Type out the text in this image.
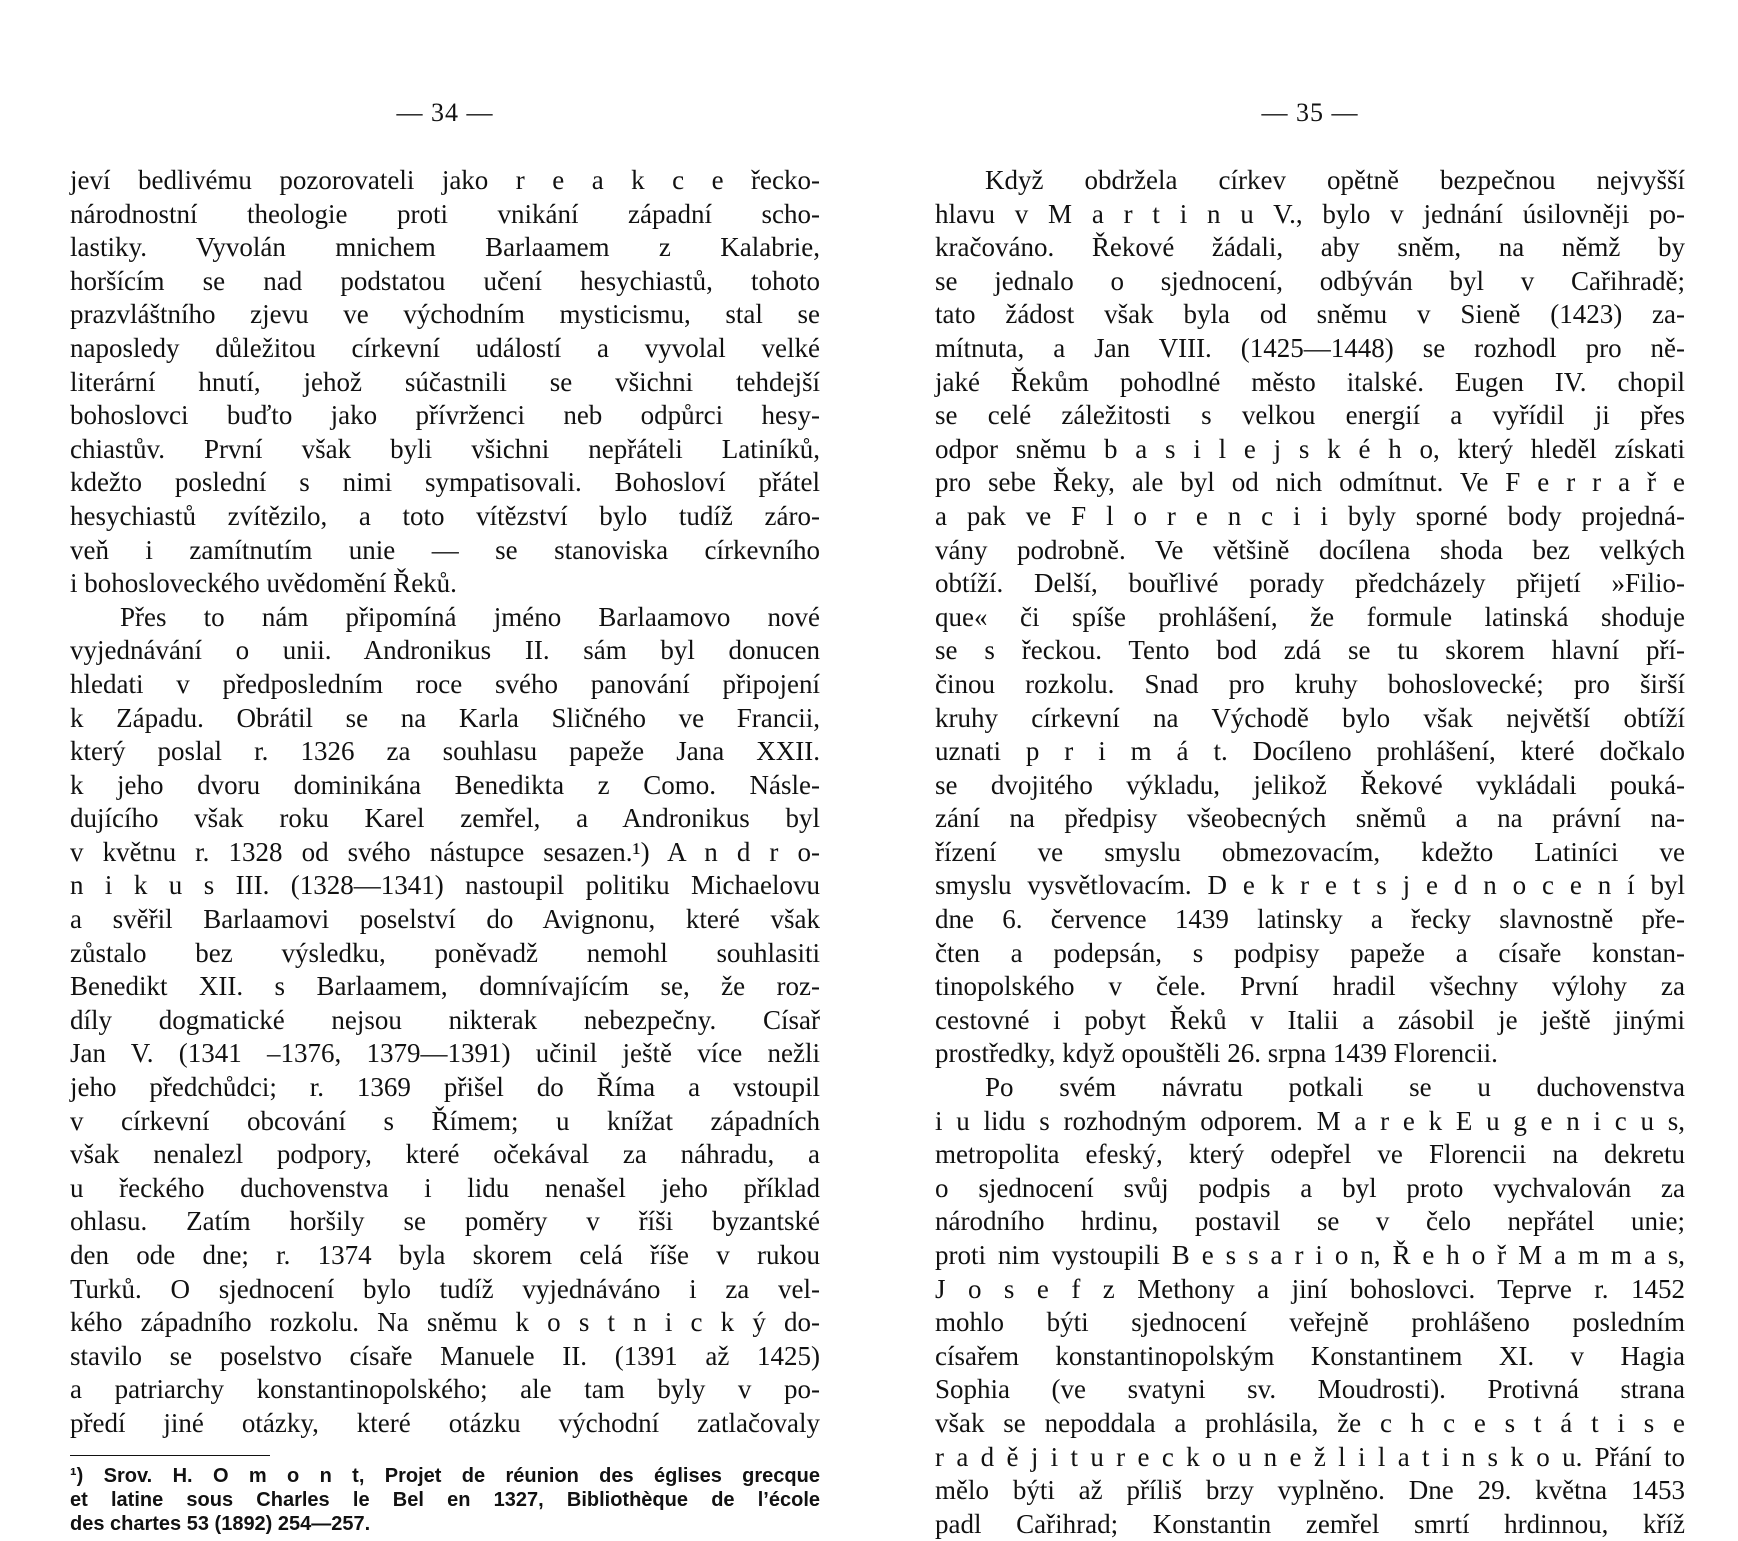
— 34 —
jeví bedlivému pozorovateli jako r e a k c e řecko-
národnostní theologie proti vnikání západní scho-
lastiky. Vyvolán mnichem Barlaamem z Kalabrie,
horšícím se nad podstatou učení hesychiastů, tohoto
prazvláštního zjevu ve východním mysticismu, stal se
naposledy důležitou církevní událostí a vyvolal velké
literární hnutí, jehož súčastnili se všichni tehdejší
bohoslovci buďto jako přívrženci neb odpůrci hesy-
chiastův. První však byli všichni nepřáteli Latiníků,
kdežto poslední s nimi sympatisovali. Bohosloví přátel
hesychiastů zvítězilo, a toto vítězství bylo tudíž záro-
veň i zamítnutím unie — se stanoviska církevního
i bohosloveckého uvědomění Řeků.
Přes to nám připomíná jméno Barlaamovo nové
vyjednávání o unii. Andronikus II. sám byl donucen
hledati v předposledním roce svého panování připojení
k Západu. Obrátil se na Karla Sličného ve Francii,
který poslal r. 1326 za souhlasu papeže Jana XXII.
k jeho dvoru dominikána Benedikta z Como. Násle-
dujícího však roku Karel zemřel, a Andronikus byl
v květnu r. 1328 od svého nástupce sesazen.¹) A n d r o-
n i k u s III. (1328—1341) nastoupil politiku Michaelovu
a svěřil Barlaamovi poselství do Avignonu, které však
zůstalo bez výsledku, poněvadž nemohl souhlasiti
Benedikt XII. s Barlaamem, domnívajícím se, že roz-
díly dogmatické nejsou nikterak nebezpečny. Císař
Jan V. (1341 –1376, 1379—1391) učinil ještě více nežli
jeho předchůdci; r. 1369 přišel do Říma a vstoupil
v církevní obcování s Římem; u knížat západních
však nenalezl podpory, které očekával za náhradu, a
u řeckého duchovenstva i lidu nenašel jeho příklad
ohlasu. Zatím horšily se poměry v říši byzantské
den ode dne; r. 1374 byla skorem celá říše v rukou
Turků. O sjednocení bylo tudíž vyjednáváno i za vel-
kého západního rozkolu. Na sněmu k o s t n i c k ý do-
stavilo se poselstvo císaře Manuele II. (1391 až 1425)
a patriarchy konstantinopolského; ale tam byly v po-
předí jiné otázky, které otázku východní zatlačovaly
¹) Srov. H. O m o n t, Projet de réunion des églises grecque
et latine sous Charles le Bel en 1327, Bibliothèque de l’école
des chartes 53 (1892) 254—257.
— 35 —
Když obdržela církev opětně bezpečnou nejvyšší
hlavu v M a r t i n u V., bylo v jednání úsilovněji po-
kračováno. Řekové žádali, aby sněm, na němž by
se jednalo o sjednocení, odbýván byl v Cařihradě;
tato žádost však byla od sněmu v Sieně (1423) za-
mítnuta, a Jan VIII. (1425—1448) se rozhodl pro ně-
jaké Řekům pohodlné město italské. Eugen IV. chopil
se celé záležitosti s velkou energií a vyřídil ji přes
odpor sněmu b a s i l e j s k é h o, který hleděl získati
pro sebe Řeky, ale byl od nich odmítnut. Ve F e r r a ř e
a pak ve F l o r e n c i i byly sporné body projedná-
vány podrobně. Ve většině docílena shoda bez velkých
obtíží. Delší, bouřlivé porady předcházely přijetí »Filio-
que« či spíše prohlášení, že formule latinská shoduje
se s řeckou. Tento bod zdá se tu skorem hlavní pří-
činou rozkolu. Snad pro kruhy bohoslovecké; pro širší
kruhy církevní na Východě bylo však největší obtíží
uznati p r i m á t. Docíleno prohlášení, které dočkalo
se dvojitého výkladu, jelikož Řekové vykládali pouká-
zání na předpisy všeobecných sněmů a na právní na-
řízení ve smyslu obmezovacím, kdežto Latiníci ve
smyslu vysvětlovacím. D e k r e t s j e d n o c e n í byl
dne 6. července 1439 latinsky a řecky slavnostně pře-
čten a podepsán, s podpisy papeže a císaře konstan-
tinopolského v čele. První hradil všechny výlohy za
cestovné i pobyt Řeků v Italii a zásobil je ještě jinými
prostředky, když opouštěli 26. srpna 1439 Florencii.
Po svém návratu potkali se u duchovenstva
i u lidu s rozhodným odporem. M a r e k E u g e n i c u s,
metropolita efeský, který odepřel ve Florencii na dekretu
o sjednocení svůj podpis a byl proto vychvalován za
národního hrdinu, postavil se v čelo nepřátel unie;
proti nim vystoupili B e s s a r i o n, Ř e h o ř M a m m a s,
J o s e f z Methony a jiní bohoslovci. Teprve r. 1452
mohlo býti sjednocení veřejně prohlášeno posledním
císařem konstantinopolským Konstantinem XI. v Hagia
Sophia (ve svatyni sv. Moudrosti). Protivná strana
však se nepoddala a prohlásila, že c h c e s t á t i s e
r a d ě j i t u r e c k o u n e ž l i l a t i n s k o u. Přání to
mělo býti až příliš brzy vyplněno. Dne 29. května 1453
padl Cařihrad; Konstantin zemřel smrtí hrdinnou, kříž
